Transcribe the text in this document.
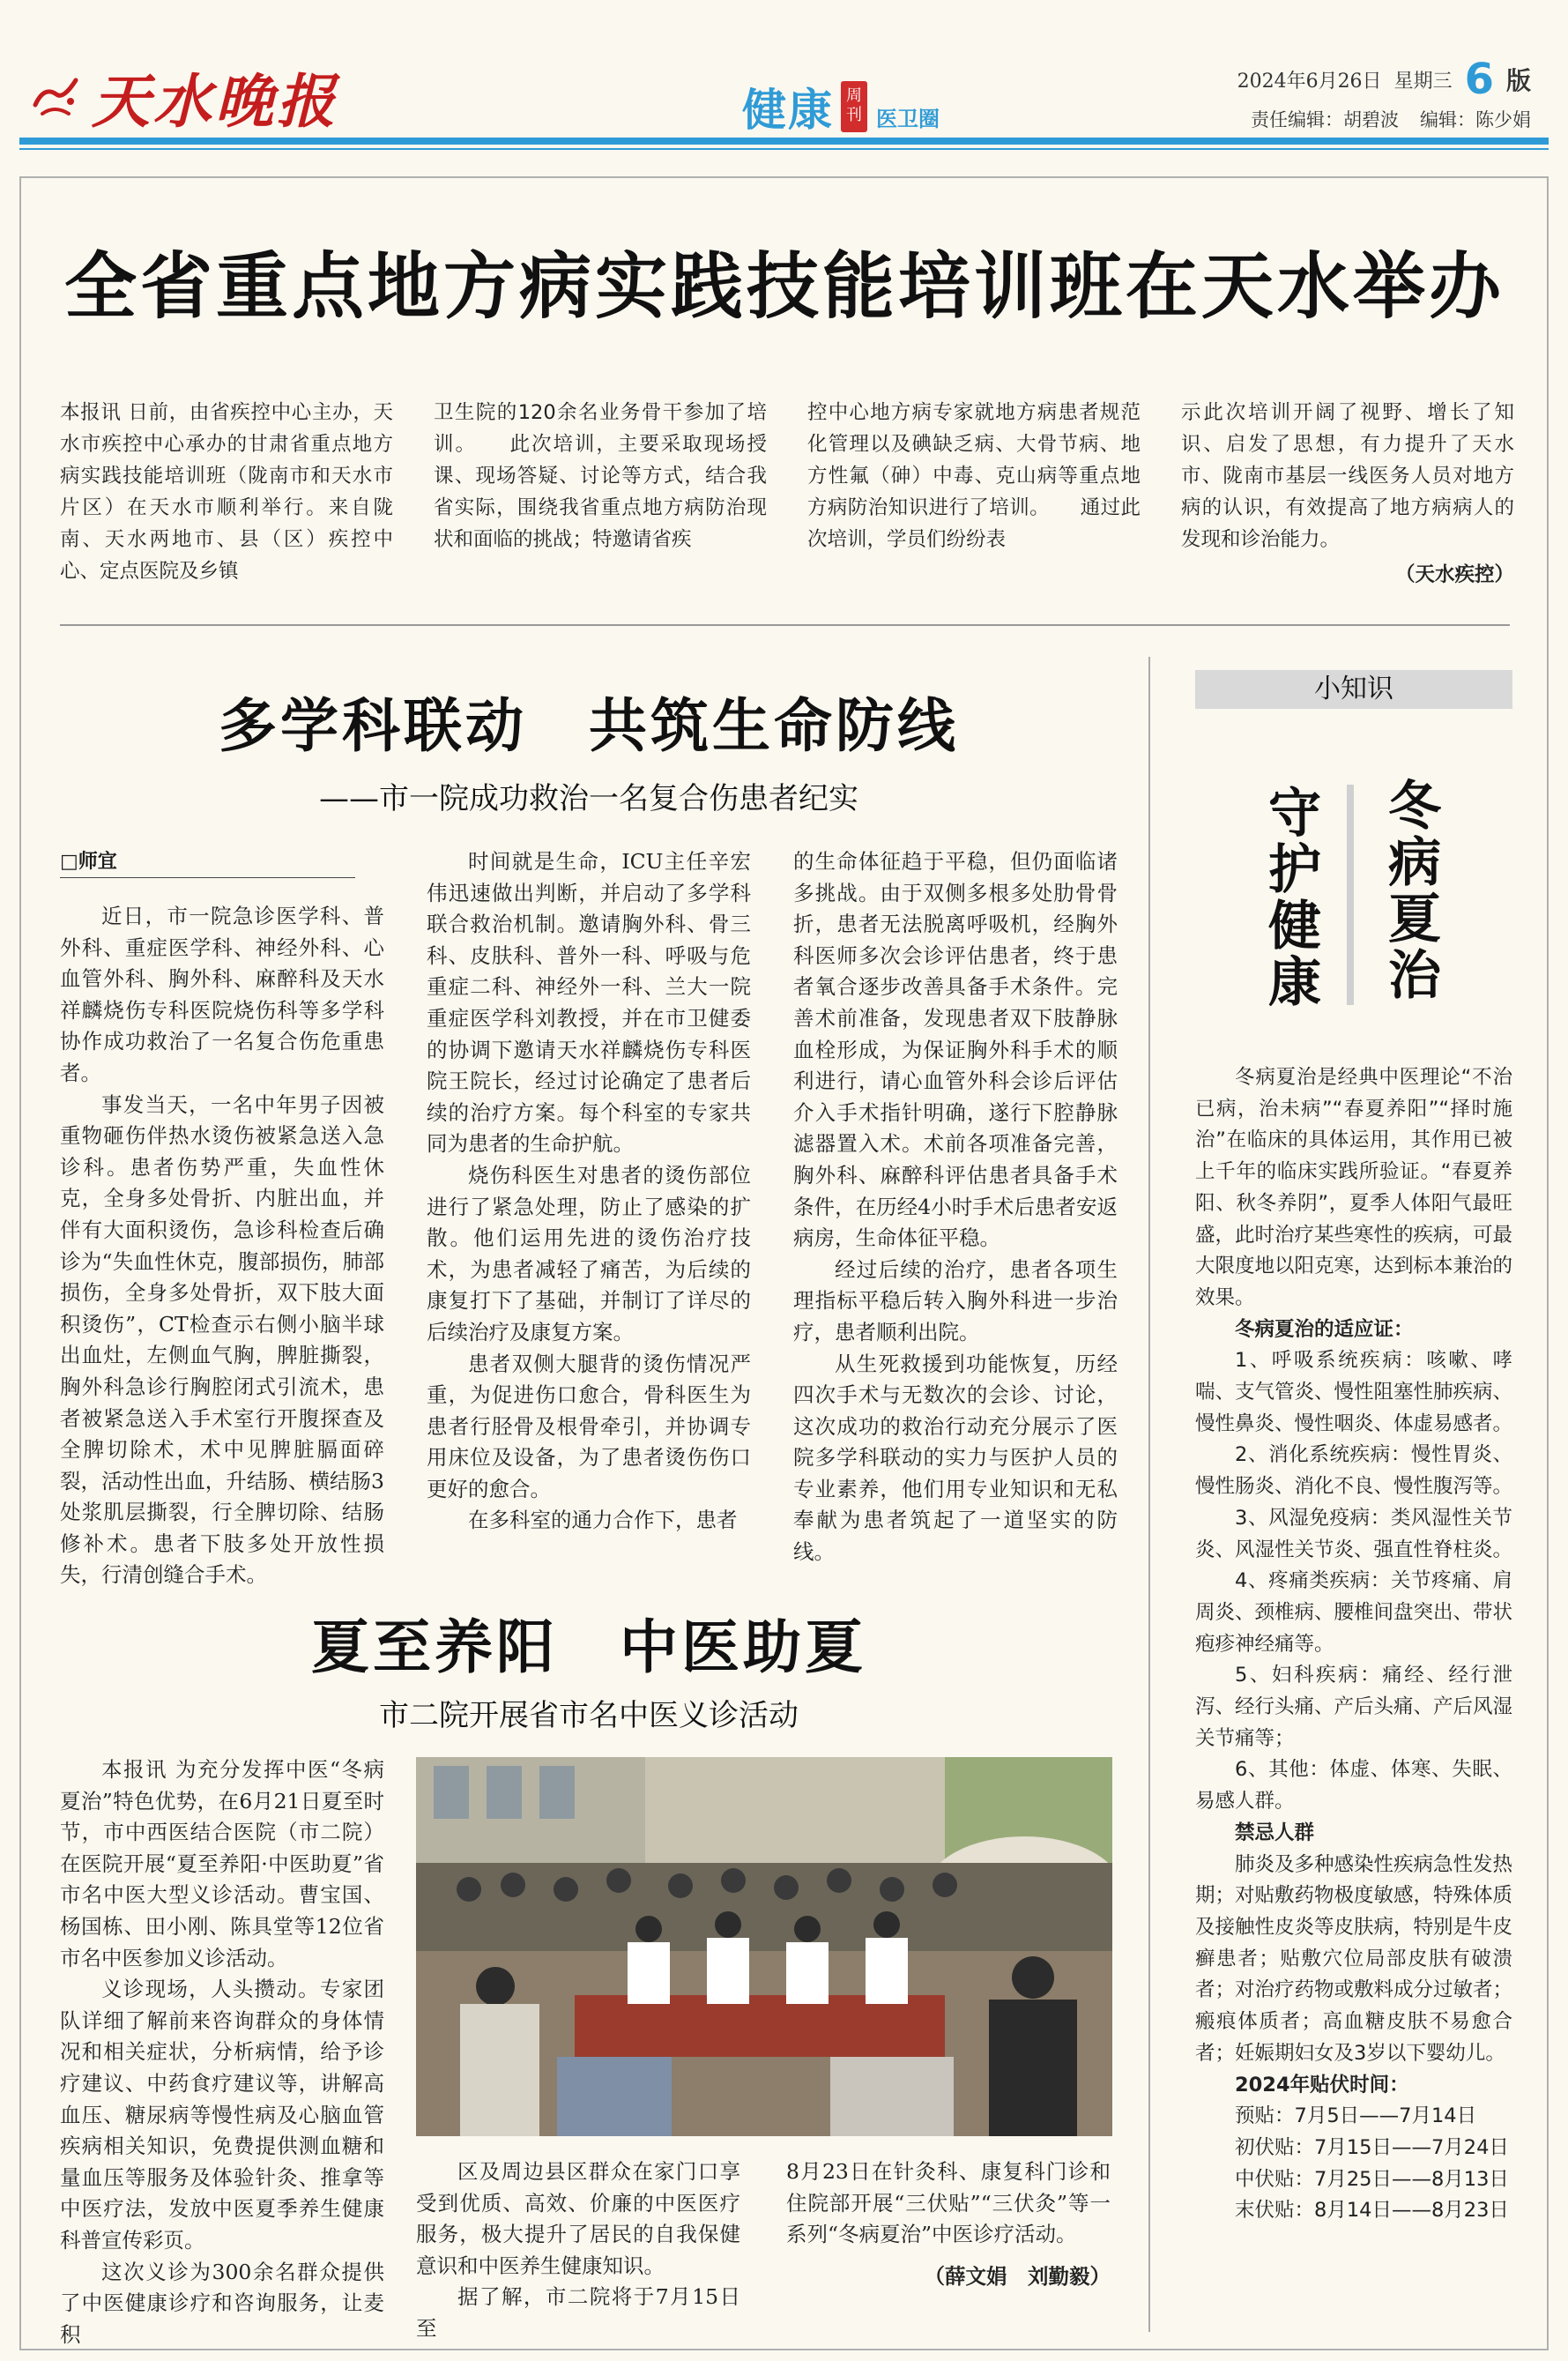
天水晚报	健康 周刊 医卫圈
2024年6月26日 星期三 6 版
责任编辑：胡碧波 编辑：陈少娟
全省重点地方病实践技能培训班在天水举办
本报讯 日前，由省疾控中心主办，天水市疾控中心承办的甘肃省重点地方病实践技能培训班（陇南市和天水市片区）在天水市顺利举行。来自陇南、天水两地市、县（区）疾控中心、定点医院及乡镇
卫生院的120余名业务骨干参加了培训。　　此次培训，主要采取现场授课、现场答疑、讨论等方式，结合我省实际，围绕我省重点地方病防治现状和面临的挑战；特邀请省疾
控中心地方病专家就地方病患者规范化管理以及碘缺乏病、大骨节病、地方性氟（砷）中毒、克山病等重点地方病防治知识进行了培训。　　通过此次培训，学员们纷纷表
示此次培训开阔了视野、增长了知识、启发了思想，有力提升了天水市、陇南市基层一线医务人员对地方病的认识，有效提高了地方病病人的发现和诊治能力。
（天水疾控）
多学科联动　共筑生命防线
——市一院成功救治一名复合伤患者纪实
□师宜

近日，市一院急诊医学科、普外科、重症医学科、神经外科、心血管外科、胸外科、麻醉科及天水祥麟烧伤专科医院烧伤科等多学科协作成功救治了一名复合伤危重患者。

事发当天，一名中年男子因被重物砸伤伴热水烫伤被紧急送入急诊科。患者伤势严重，失血性休克，全身多处骨折、内脏出血，并伴有大面积烫伤，急诊科检查后确诊为“失血性休克，腹部损伤，肺部损伤，全身多处骨折，双下肢大面积烫伤”，CT检查示右侧小脑半球出血灶，左侧血气胸，脾脏撕裂，胸外科急诊行胸腔闭式引流术，患者被紧急送入手术室行开腹探查及全脾切除术，术中见脾脏膈面碎裂，活动性出血，升结肠、横结肠3处浆肌层撕裂，行全脾切除、结肠修补术。患者下肢多处开放性损失，行清创缝合手术。

时间就是生命，ICU主任辛宏伟迅速做出判断，并启动了多学科联合救治机制。邀请胸外科、骨三科、皮肤科、普外一科、呼吸与危重症二科、神经外一科、兰大一院重症医学科刘教授，并在市卫健委的协调下邀请天水祥麟烧伤专科医院王院长，经过讨论确定了患者后续的治疗方案。每个科室的专家共同为患者的生命护航。

烧伤科医生对患者的烫伤部位进行了紧急处理，防止了感染的扩散。他们运用先进的烫伤治疗技术，为患者减轻了痛苦，为后续的康复打下了基础，并制订了详尽的后续治疗及康复方案。

患者双侧大腿背的烫伤情况严重，为促进伤口愈合，骨科医生为患者行胫骨及根骨牵引，并协调专用床位及设备，为了患者烫伤伤口更好的愈合。

在多科室的通力合作下，患者

的生命体征趋于平稳，但仍面临诸多挑战。由于双侧多根多处肋骨骨折，患者无法脱离呼吸机，经胸外科医师多次会诊评估患者，终于患者氧合逐步改善具备手术条件。完善术前准备，发现患者双下肢静脉血栓形成，为保证胸外科手术的顺利进行，请心血管外科会诊后评估介入手术指针明确，遂行下腔静脉滤器置入术。术前各项准备完善，胸外科、麻醉科评估患者具备手术条件，在历经4小时手术后患者安返病房，生命体征平稳。

经过后续的治疗，患者各项生理指标平稳后转入胸外科进一步治疗，患者顺利出院。

从生死救援到功能恢复，历经四次手术与无数次的会诊、讨论，这次成功的救治行动充分展示了医院多学科联动的实力与医护人员的专业素养，他们用专业知识和无私奉献为患者筑起了一道坚实的防线。

夏至养阳　中医助夏
市二院开展省市名中医义诊活动

本报讯 为充分发挥中医“冬病夏治”特色优势，在6月21日夏至时节，市中西医结合医院（市二院）在医院开展“夏至养阳·中医助夏”省市名中医大型义诊活动。曹宝国、杨国栋、田小刚、陈具堂等12位省市名中医参加义诊活动。

义诊现场，人头攒动。专家团队详细了解前来咨询群众的身体情况和相关症状，分析病情，给予诊疗建议、中药食疗建议等，讲解高血压、糖尿病等慢性病及心脑血管疾病相关知识，免费提供测血糖和量血压等服务及体验针灸、推拿等中医疗法，发放中医夏季养生健康科普宣传彩页。

这次义诊为300余名群众提供了中医健康诊疗和咨询服务，让麦积

区及周边县区群众在家门口享受到优质、高效、价廉的中医医疗服务，极大提升了居民的自我保健意识和中医养生健康知识。

据了解，市二院将于7月15日至

8月23日在针灸科、康复科门诊和住院部开展“三伏贴”“三伏灸”等一系列“冬病夏治”中医诊疗活动。

（薛文娟　刘勤毅）

小知识
冬病夏治
守护健康

冬病夏治是经典中医理论“不治已病，治未病”“春夏养阳”“择时施治”在临床的具体运用，其作用已被上千年的临床实践所验证。“春夏养阳、秋冬养阴”，夏季人体阳气最旺盛，此时治疗某些寒性的疾病，可最大限度地以阳克寒，达到标本兼治的效果。

冬病夏治的适应证：

1、呼吸系统疾病：咳嗽、哮喘、支气管炎、慢性阻塞性肺疾病、慢性鼻炎、慢性咽炎、体虚易感者。

2、消化系统疾病：慢性胃炎、慢性肠炎、消化不良、慢性腹泻等。

3、风湿免疫病：类风湿性关节炎、风湿性关节炎、强直性脊柱炎。

4、疼痛类疾病：关节疼痛、肩周炎、颈椎病、腰椎间盘突出、带状疱疹神经痛等。

5、妇科疾病：痛经、经行泄泻、经行头痛、产后头痛、产后风湿关节痛等；

6、其他：体虚、体寒、失眠、易感人群。

禁忌人群

肺炎及多种感染性疾病急性发热期；对贴敷药物极度敏感，特殊体质及接触性皮炎等皮肤病，特别是牛皮癣患者；贴敷穴位局部皮肤有破溃者；对治疗药物或敷料成分过敏者；瘢痕体质者；高血糖皮肤不易愈合者；妊娠期妇女及3岁以下婴幼儿。

2024年贴伏时间：

预贴：7月5日——7月14日

初伏贴：7月15日——7月24日

中伏贴：7月25日——8月13日

末伏贴：8月14日——8月23日
